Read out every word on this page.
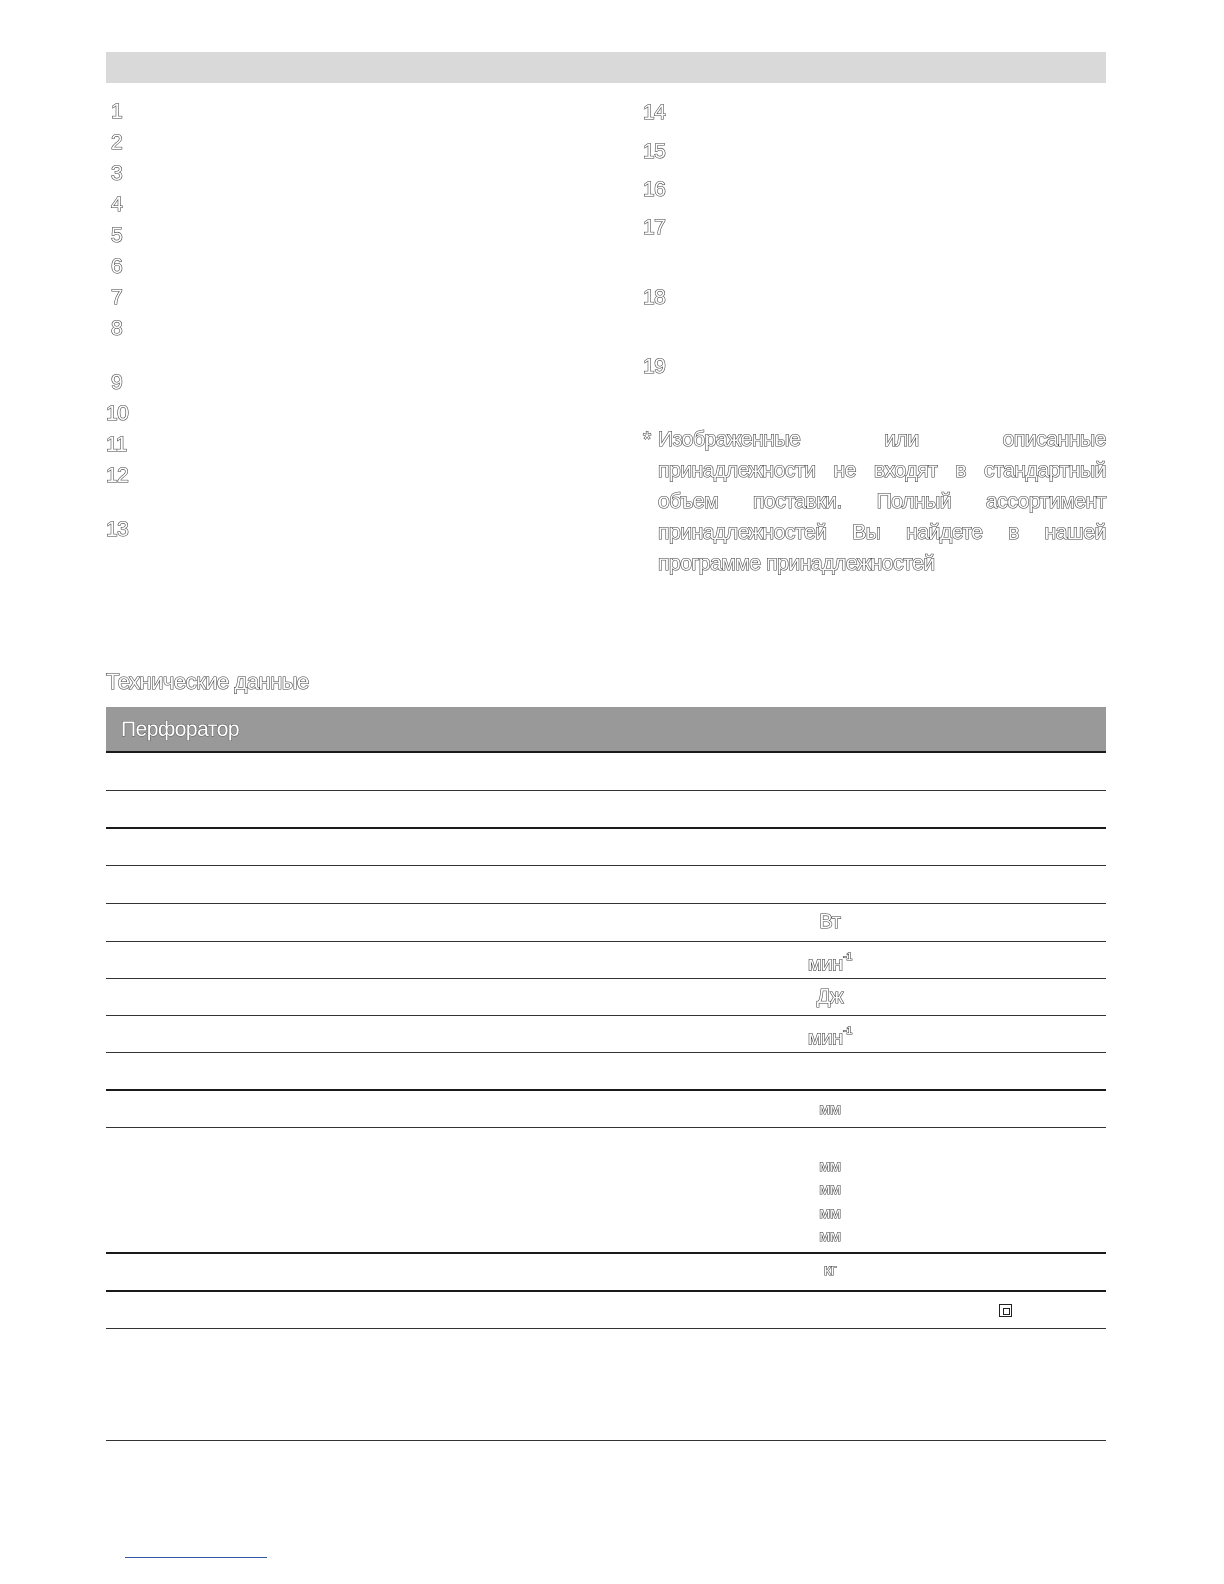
1
2
3
4
5
6
7
8
9
10
11
12
13
14
15
16
17
18
19
* Изображенные или описанные принадлежности не входят в стандартный объем поставки. Полный ассортимент принадлежностей Вы найдете в нашей программе принадлежностей
Технические данные
Перфоратор
Вт
мин$^{-1}$
Дж
мин$^{-1}$
мм
мм
мм
мм
мм
кг
